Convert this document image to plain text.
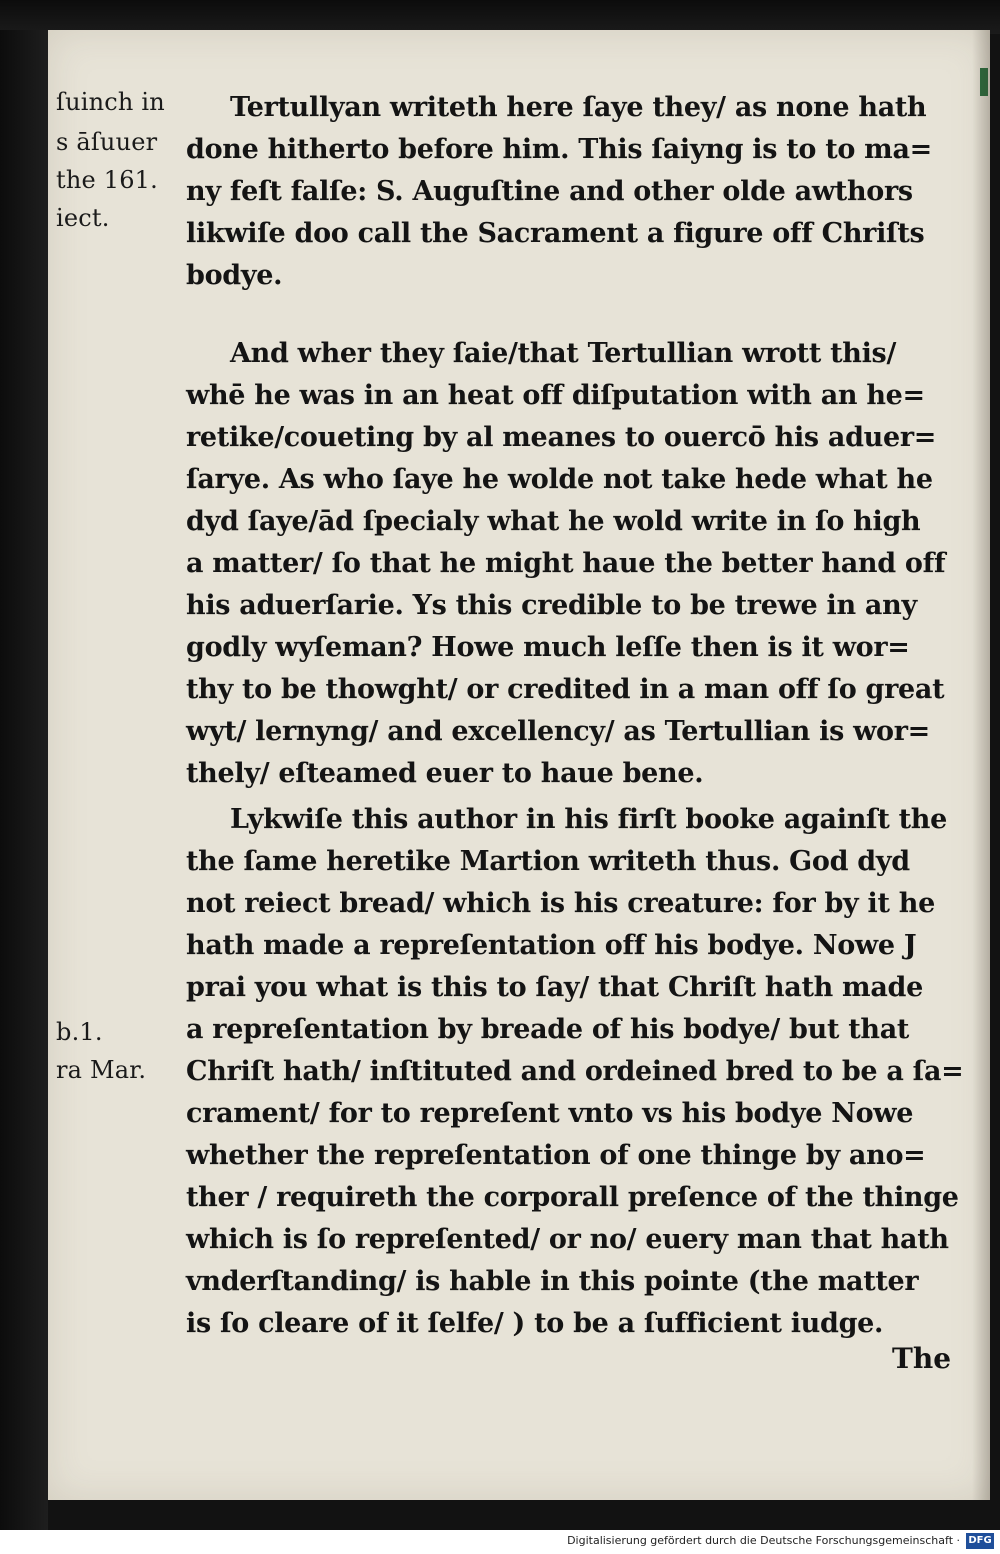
ſuinch in
s āſuuer
the 161.
iect.
b.1.
ra Mar.
Tertullyan writeth here ſaye they/ as none hath
done hitherto before him. This ſaiyng is to to ma=
ny feſt falſe: S. Auguſtine and other olde awthors
likwiſe doo call the Sacrament a figure off Chriſts
bodye.
And wher they ſaie/that Tertullian wrott this/
whē he was in an heat off diſputation with an he=
retike/coueting by al meanes to ouercō his aduer=
ſarye. As who ſaye he wolde not take hede what he
dyd ſaye/ād ſpecialy what he wold write in ſo high
a matter/ ſo that he might haue the better hand off
his aduerſarie. Ys this credible to be trewe in any
godly wyſeman? Howe much leſſe then is it wor=
thy to be thowght/ or credited in a man off ſo great
wyt/ lernyng/ and excellency/ as Tertullian is wor=
thely/ eſteamed euer to haue bene.
Lykwiſe this author in his firſt booke againſt the
the ſame heretike Martion writeth thus. God dyd
not reiect bread/ which is his creature: for by it he
hath made a repreſentation off his bodye. Nowe J
prai you what is this to ſay/ that Chriſt hath made
a repreſentation by breade of his bodye/ but that
Chriſt hath/ inſtituted and ordeined bred to be a ſa=
crament/ for to repreſent vnto vs his bodye Nowe
whether the repreſentation of one thinge by ano=
ther / requireth the corporall preſence of the thinge
which is ſo repreſented/ or no/ euery man that hath
vnderſtanding/ is hable in this pointe (the matter
is ſo cleare of it ſelfe/ ) to be a ſufficient iudge.
The
Digitalisierung gefördert durch die Deutsche Forschungsgemeinschaft · DFG
